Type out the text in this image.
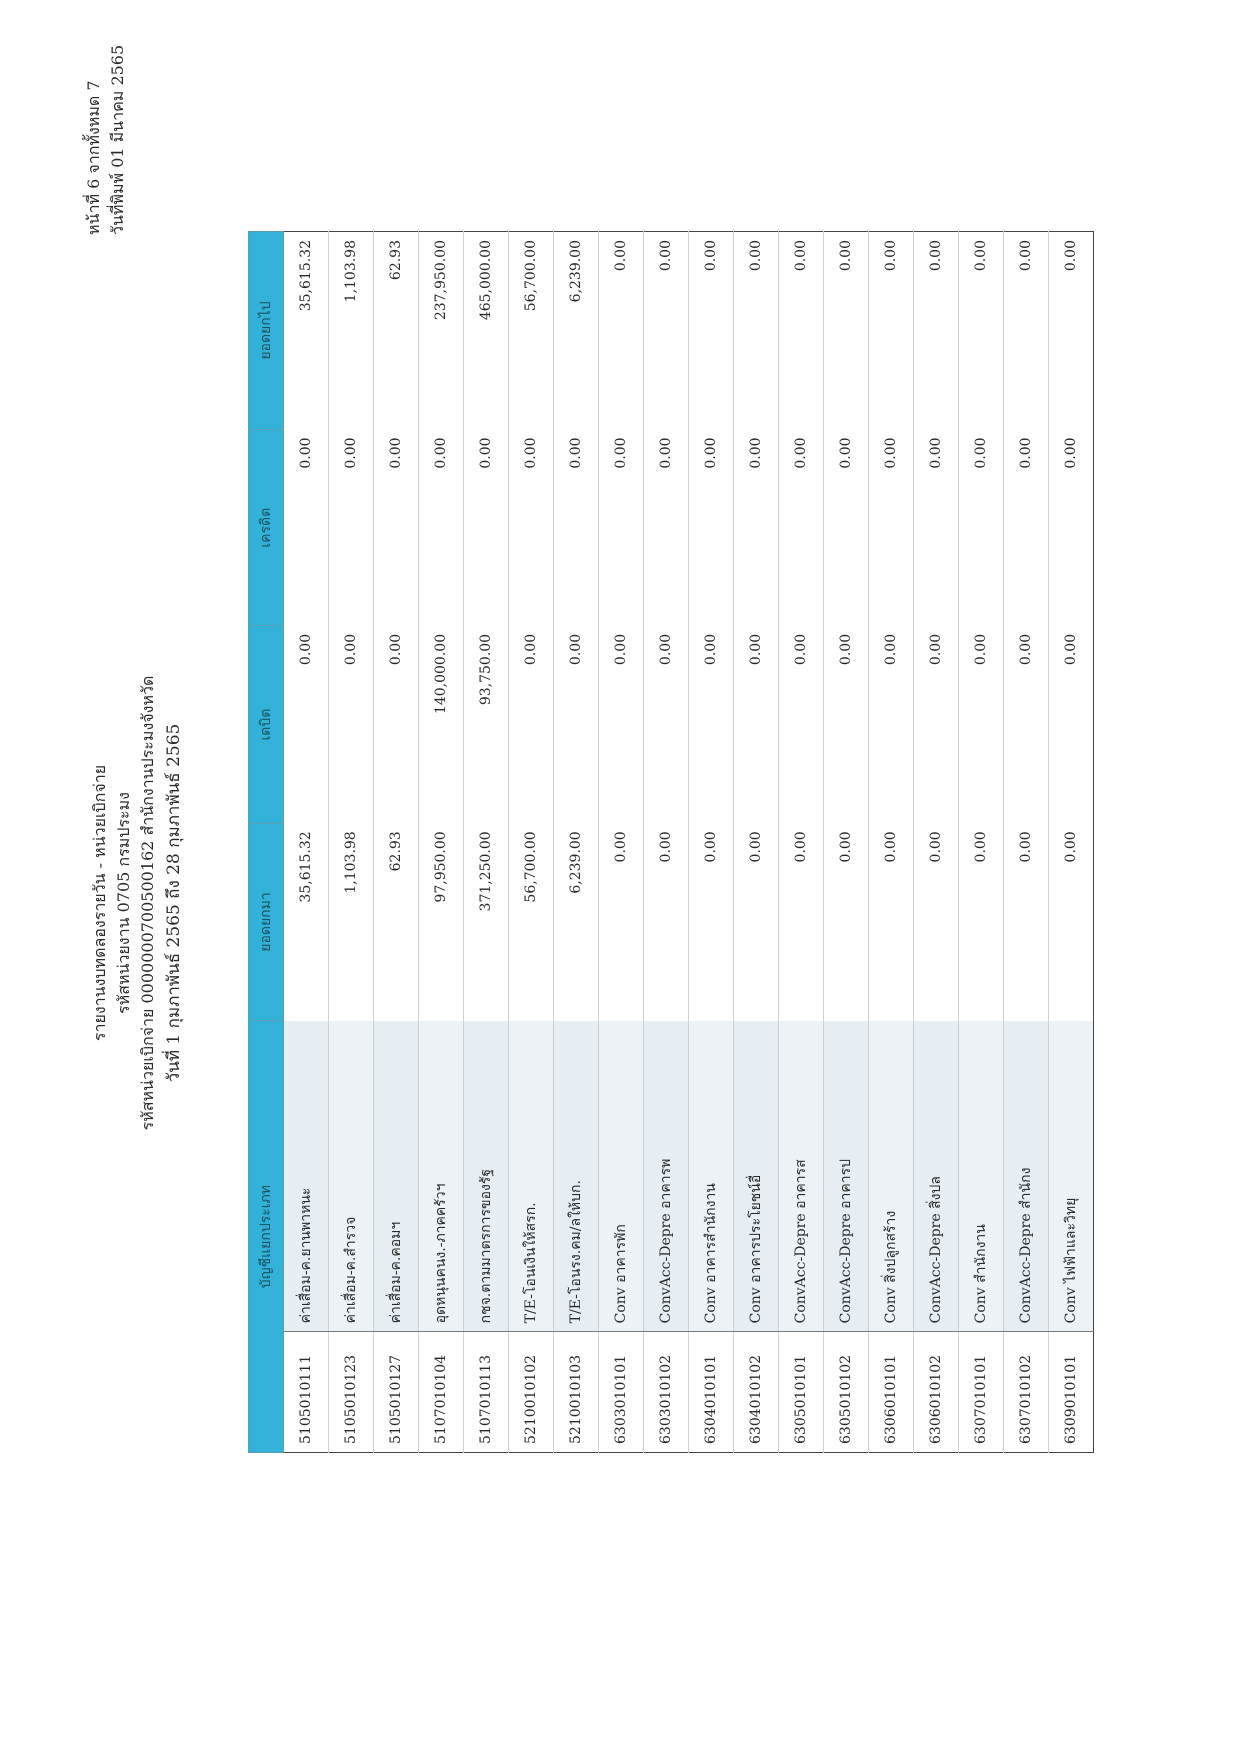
หน้าที่ 6 จากทั้งหมด 7 วันที่พิมพ์ 01 มีนาคม 2565
รายงานงบทดลองรายวัน - หน่วยเบิกจ่าย รหัสหน่วยงาน 0705 กรมประมง รหัสหน่วยเบิกจ่าย 0000000700500162 สำนักงานประมงจังหวัด วันที่ 1 กุมภาพันธ์ 2565 ถึง 28 กุมภาพันธ์ 2565
บัญชีแยกประเภท		ยอดยกมา	เดบิต	เครดิต	ยอดยกไป
5105010111	ค่าเสื่อม-ค.ยานพาหนะ	35,615.32	0.00	0.00	35,615.32
5105010123	ค่าเสื่อม-ค.สำรวจ	1,103.98	0.00	0.00	1,103.98
5105010127	ค่าเสื่อม-ค.คอมฯ	62.93	0.00	0.00	62.93
5107010104	อุดหนุนคนง.-ภาคครัวฯ	97,950.00	140,000.00	0.00	237,950.00
5107010113	กชจ.ตามมาตรการของรัฐ	371,250.00	93,750.00	0.00	465,000.00
5210010102	T/E-โอนเงินให้สรก.	56,700.00	0.00	0.00	56,700.00
5210010103	T/E-โอนรง.คม/ลให้บก.	6,239.00	0.00	0.00	6,239.00
6303010101	Conv อาคารพัก	0.00	0.00	0.00	0.00
6303010102	ConvAcc-Depre อาคารพ	0.00	0.00	0.00	0.00
6304010101	Conv อาคารสำนักงาน	0.00	0.00	0.00	0.00
6304010102	Conv อาคารประโยชน์อื่	0.00	0.00	0.00	0.00
6305010101	ConvAcc-Depre อาคารส	0.00	0.00	0.00	0.00
6305010102	ConvAcc-Depre อาคารป	0.00	0.00	0.00	0.00
6306010101	Conv สิ่งปลูกสร้าง	0.00	0.00	0.00	0.00
6306010102	ConvAcc-Depre สิ่งปล	0.00	0.00	0.00	0.00
6307010101	Conv สำนักงาน	0.00	0.00	0.00	0.00
6307010102	ConvAcc-Depre สำนักง	0.00	0.00	0.00	0.00
6309010101	Conv ไฟฟ้าและวิทยุ	0.00	0.00	0.00	0.00
